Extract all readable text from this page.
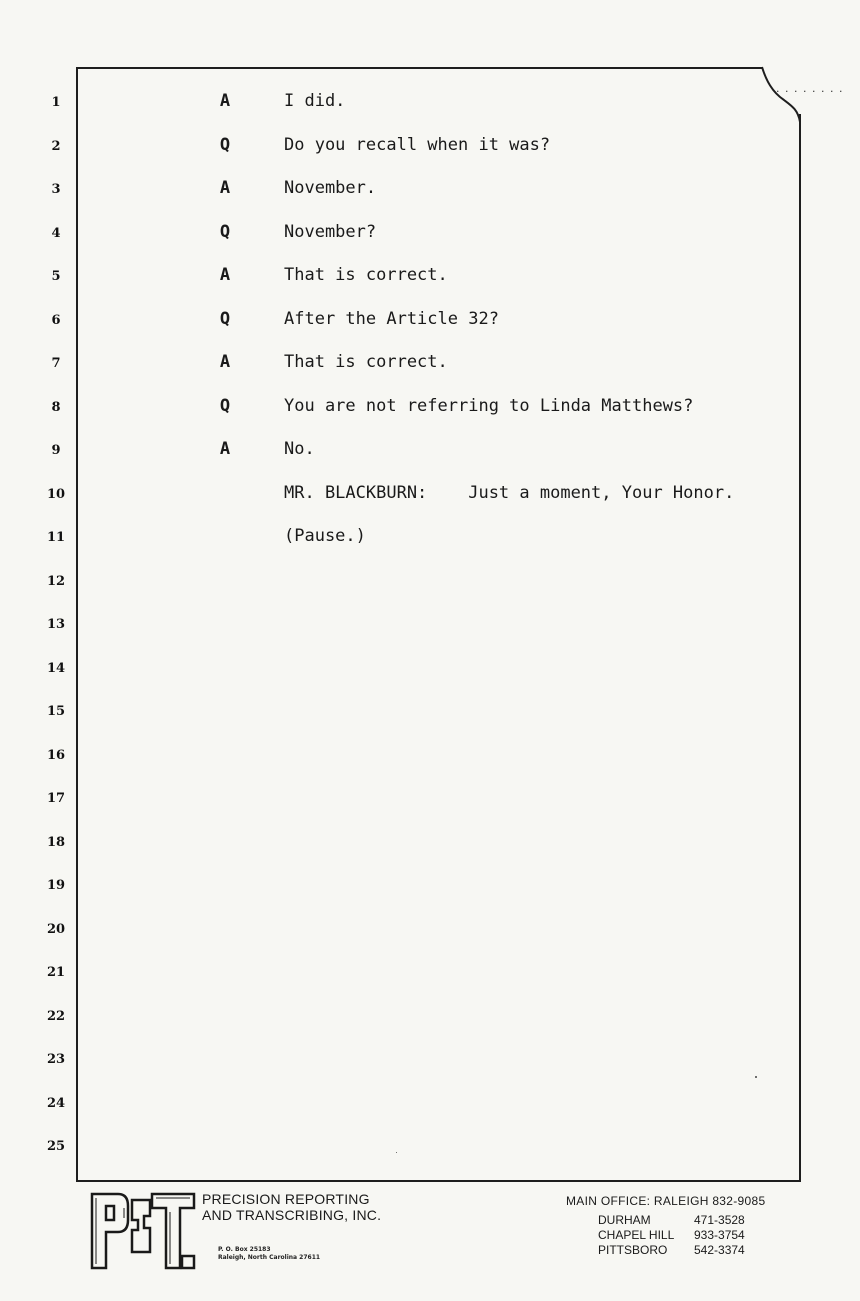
· · · · · · · ·
1
2
3
4
5
6
7
8
9
10
11
12
13
14
15
16
17
18
19
20
21
22
23
24
25
A	I did.
Q	Do you recall when it was?
A	November.
Q	November?
A	That is correct.
Q	After the Article 32?
A	That is correct.
Q	You are not referring to Linda Matthews?
A	No.
MR. BLACKBURN:    Just a moment, Your Honor.
(Pause.)
P&T
PRECISION REPORTING
AND TRANSCRIBING, INC.
P. O. Box 25183
Raleigh, North Carolina 27611
MAIN OFFICE: RALEIGH 832-9085
DURHAM	471-3528
CHAPEL HILL	933-3754
PITTSBORO	542-3374
